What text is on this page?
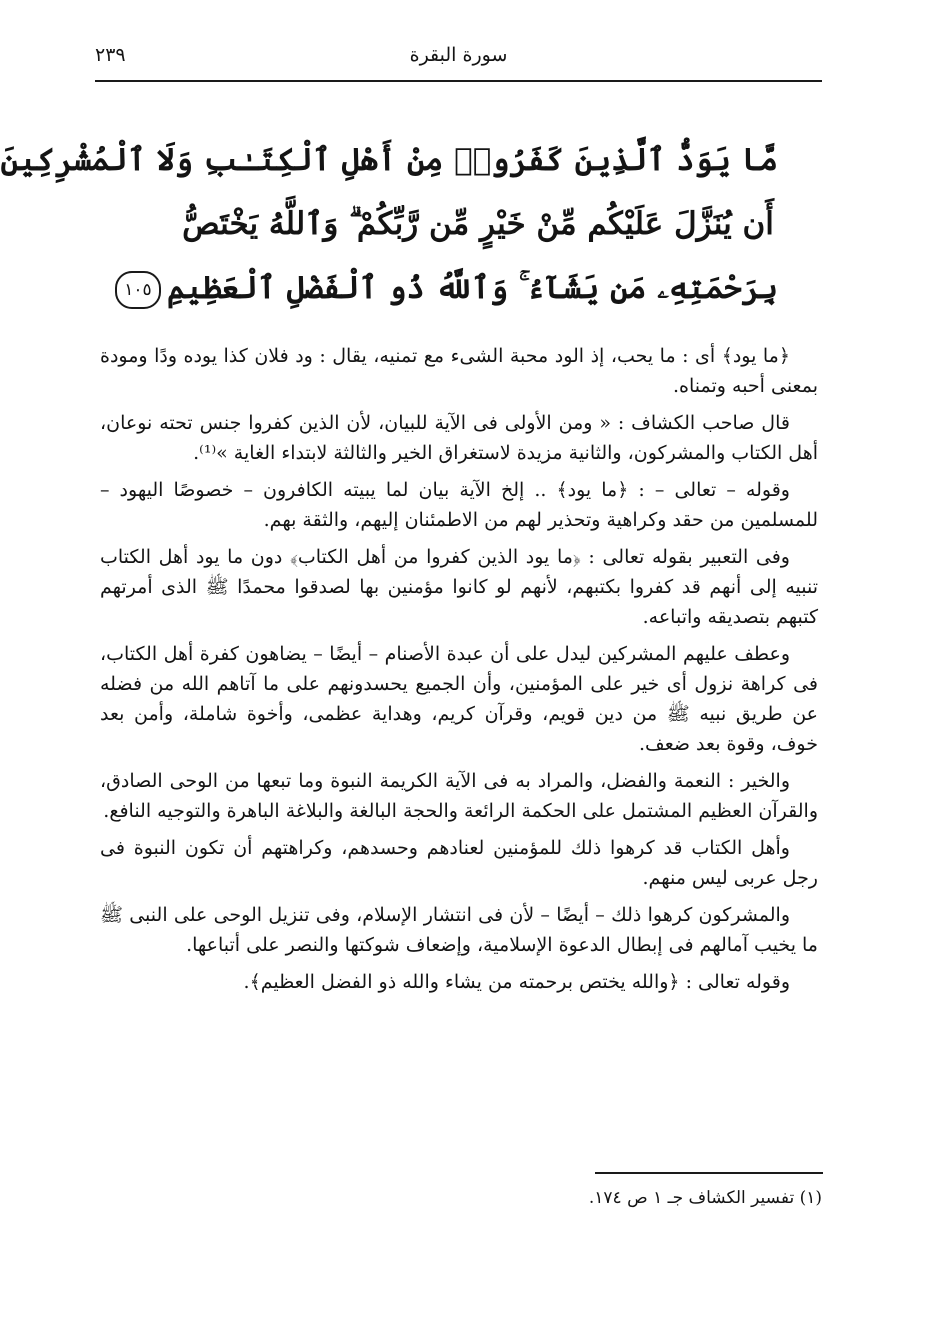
٢٣٩	سورة البقرة
مَّا يَوَدُّ ٱلَّذِينَ كَفَرُوا۟ مِنْ أَهْلِ ٱلْكِتَـٰبِ وَلَا ٱلْمُشْرِكِينَ
أَن يُنَزَّلَ عَلَيْكُم مِّنْ خَيْرٍ مِّن رَّبِّكُمْ ۗ وَٱللَّهُ يَخْتَصُّ
بِرَحْمَتِهِۦ مَن يَشَآءُ ۚ وَٱللَّهُ ذُو ٱلْفَضْلِ ٱلْعَظِيمِ١٠٥

﴿ما يود﴾ أى : ما يحب، إذ الود محبة الشىء مع تمنيه، يقال : ود فلان كذا يوده ودًا ومودة بمعنى أحبه وتمناه.

قال صاحب الكشاف : « ومن الأولى فى الآية للبيان، لأن الذين كفروا جنس تحته نوعان، أهل الكتاب والمشركون، والثانية مزيدة لاستغراق الخير والثالثة لابتداء الغاية »⁽¹⁾.

وقوله – تعالى – : ﴿ما يود﴾ .. إلخ الآية بيان لما يبيته الكافرون – خصوصًا اليهود – للمسلمين من حقد وكراهية وتحذير لهم من الاطمئنان إليهم، والثقة بهم.

وفى التعبير بقوله تعالى : ﴿ما يود الذين كفروا من أهل الكتاب﴾ دون ما يود أهل الكتاب تنبيه إلى أنهم قد كفروا بكتبهم، لأنهم لو كانوا مؤمنين بها لصدقوا محمدًا ﷺ الذى أمرتهم كتبهم بتصديقه واتباعه.

وعطف عليهم المشركين ليدل على أن عبدة الأصنام – أيضًا – يضاهون كفرة أهل الكتاب، فى كراهة نزول أى خير على المؤمنين، وأن الجميع يحسدونهم على ما آتاهم الله من فضله عن طريق نبيه ﷺ من دين قويم، وقرآن كريم، وهداية عظمى، وأخوة شاملة، وأمن بعد خوف، وقوة بعد ضعف.

والخير : النعمة والفضل، والمراد به فى الآية الكريمة النبوة وما تبعها من الوحى الصادق، والقرآن العظيم المشتمل على الحكمة الرائعة والحجة البالغة والبلاغة الباهرة والتوجيه النافع.

وأهل الكتاب قد كرهوا ذلك للمؤمنين لعنادهم وحسدهم، وكراهتهم أن تكون النبوة فى رجل عربى ليس منهم.

والمشركون كرهوا ذلك – أيضًا – لأن فى انتشار الإسلام، وفى تنزيل الوحى على النبى ﷺ ما يخيب آمالهم فى إبطال الدعوة الإسلامية، وإضعاف شوكتها والنصر على أتباعها.

وقوله تعالى : ﴿والله يختص برحمته من يشاء والله ذو الفضل العظيم﴾.

(١) تفسير الكشاف جـ ١ ص ١٧٤.
